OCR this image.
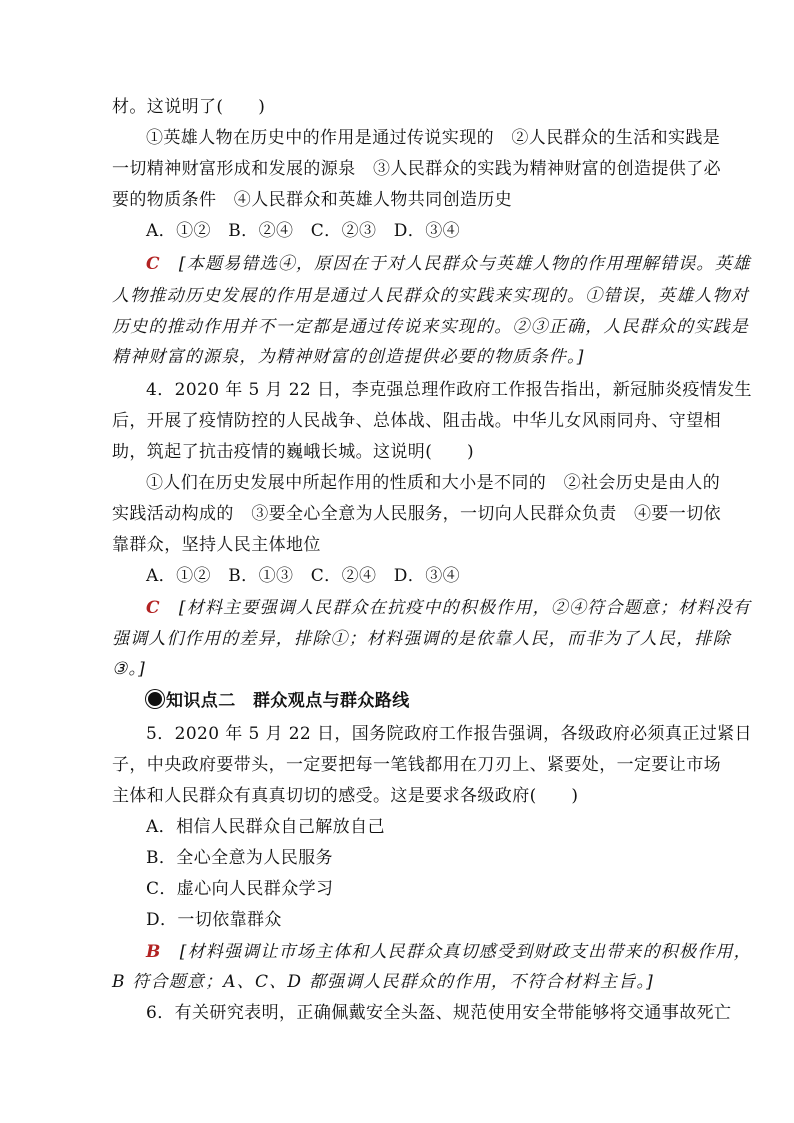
材。这说明了(　　)
①英雄人物在历史中的作用是通过传说实现的　②人民群众的生活和实践是
一切精神财富形成和发展的源泉　③人民群众的实践为精神财富的创造提供了必
要的物质条件　④人民群众和英雄人物共同创造历史
A．①②　B．②④　C．②③　D．③④
C　[本题易错选④，原因在于对人民群众与英雄人物的作用理解错误。英雄
人物推动历史发展的作用是通过人民群众的实践来实现的。①错误，英雄人物对
历史的推动作用并不一定都是通过传说来实现的。②③正确，人民群众的实践是
精神财富的源泉，为精神财富的创造提供必要的物质条件。]
4．2020 年 5 月 22 日，李克强总理作政府工作报告指出，新冠肺炎疫情发生
后，开展了疫情防控的人民战争、总体战、阻击战。中华儿女风雨同舟、守望相
助，筑起了抗击疫情的巍峨长城。这说明(　　)
①人们在历史发展中所起作用的性质和大小是不同的　②社会历史是由人的
实践活动构成的　③要全心全意为人民服务，一切向人民群众负责　④要一切依
靠群众，坚持人民主体地位
A．①②　B．①③　C．②④　D．③④
C　[材料主要强调人民群众在抗疫中的积极作用，②④符合题意；材料没有
强调人们作用的差异，排除①；材料强调的是依靠人民，而非为了人民，排除
③。]
知识点二　群众观点与群众路线
5．2020 年 5 月 22 日，国务院政府工作报告强调，各级政府必须真正过紧日
子，中央政府要带头，一定要把每一笔钱都用在刀刃上、紧要处，一定要让市场
主体和人民群众有真真切切的感受。这是要求各级政府(　　)
A．相信人民群众自己解放自己
B．全心全意为人民服务
C．虚心向人民群众学习
D．一切依靠群众
B　[材料强调让市场主体和人民群众真切感受到财政支出带来的积极作用，
B 符合题意；A、C、D 都强调人民群众的作用，不符合材料主旨。]
6．有关研究表明，正确佩戴安全头盔、规范使用安全带能够将交通事故死亡
